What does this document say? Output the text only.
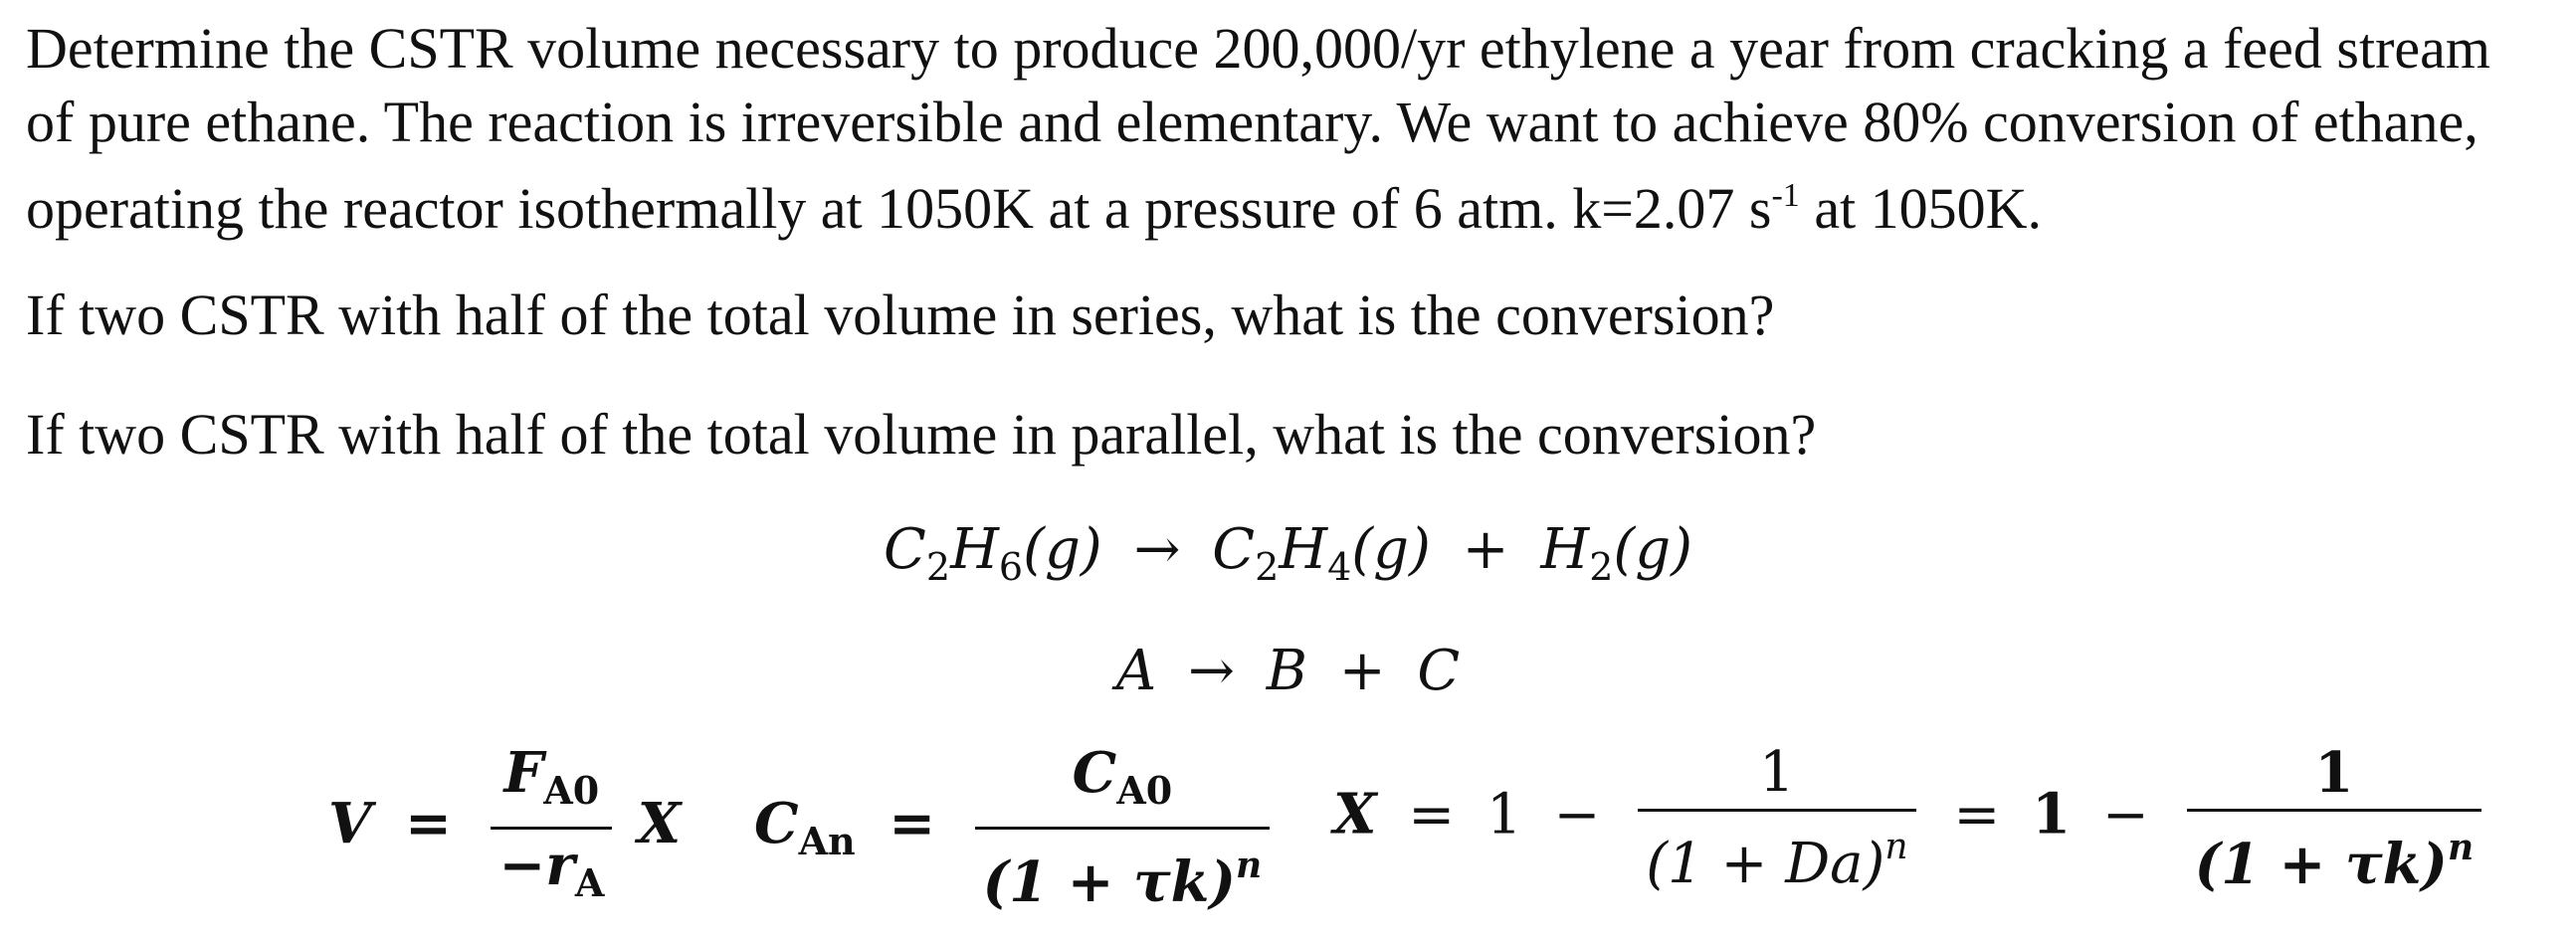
Determine the CSTR volume necessary to produce 200,000/yr ethylene a year from cracking a feed stream
of pure ethane. The reaction is irreversible and elementary. We want to achieve 80% conversion of ethane,
operating the reactor isothermally at 1050K at a pressure of 6 atm. k=2.07 $s^{-1}$ at 1050K.

If two CSTR with half of the total volume in series, what is the conversion?

If two CSTR with half of the total volume in parallel, what is the conversion?

$C_2H_6(g) \to C_2H_4(g) + H_2(g)$
A → B + C
$V = \frac{F_{A0}}{-r_A}$ X $C_{An} = \frac{C_{A0}}{(1 + \tau k)^n}$ $X = 1 - \frac{1}{(1 + Da)^n} = 1 - \frac{1}{(1 + \tau k)^n}$
